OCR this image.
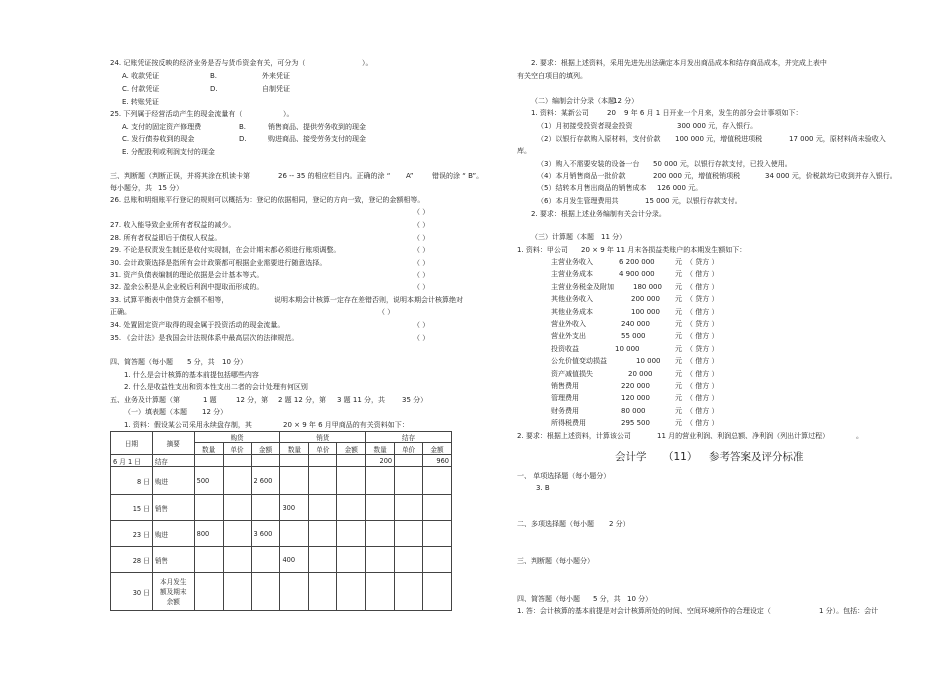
24. 记账凭证按反映的经济业务是否与货币资金有关，可分为（	）。
A. 收款凭证	B.	外来凭证
C. 付款凭证	D.	自制凭证
E. 转账凭证
25. 下列属于经营活动产生的现金流量有（	）。
A. 支付的固定资产修理费	B.	销售商品、提供劳务收到的现金
C. 发行债券收到的现金	D.	购进商品、接受劳务支付的现金
E. 分配股利或利润支付的现金
三、判断题（判断正误，并将其涂在机读卡第	26 -- 35 的相应栏目内。正确的涂 “ A”	错误的涂 “ B”。
每小题分，共 15 分）
26. 总账和明细账平行登记的规则可以概括为：登记的依据相同，登记的方向一致，登记的金额相等。
（ ）
27. 收入能导致企业所有者权益的减少。	（ ）
28. 所有者权益即后于债权人权益。	（ ）
29. 不论是权责发生制还是收付实现制，在会计期末都必须进行账项调整。	（ ）
30. 会计政策选择是指所有会计政策都可根据企业需要进行随意选择。	（ ）
31. 资产负债表编制的理论依据是会计基本等式。	（ ）
32. 盈余公积是从企业税后利润中提取而形成的。	（ ）
34. 处置固定资产取得的现金属于投资活动的现金流量。	（ ）
35. 《会计法》是我国会计法规体系中最高层次的法律规范。	（ ）
33. 试算平衡表中借贷方金额不相等，	说明本期会计核算一定存在差错；
否则，说明本期会计核算绝对
正确。	（ ）
四、简答题（每小题 5 分，共 10 分）
1. 什么是会计核算的基本前提包括哪些内容
2. 什么是收益性支出和资本性支出二者的会计处理有何区别
五、业务及计算题（第	1 题	12 分，第 2 题 12 分，第 3 题 11 分，共 35 分）
（一）填表题（本题 12 分）
1. 资料：假设某公司采用永续盘存制，其	20 × 9 年 6 月甲商品的有关资料如下：
日期	摘要	购货			销货			结存		
		数量	单价	金额	数量	单价	金额	数量	单价	金额
6 月 1 日	结存							200		960
8 日	购进	500		2 600						
15 日	销售				300					
23 日	购进	800		3 600						
28 日	销售				400					
30 日	本月发生
额及期末
余额									

2. 要求：根据上述资料，采用先进先出法确定本月发出商品成本和结存商品成本，并完成上表中
有关空白项目的填列。
（二）编制会计分录（本题
12 分）
1. 资料：某新公司	20 9 年 6 月 1 日开业一个月来，发生的部分会计事项如下：
（1）月初接受投资者现金投资	300 000 元，存入银行。
（2）以银行存款购入原材料，支付价款 100 000 元，增值税进项税	17 000 元，原材料尚未验收入
库。
（3）购入不需要安装的设备一台 50 000 元，以银行存款支付，已投入使用。
（4）本月销售商品一批价款	200 000 元，增值税销项税	34 000 元，价税款均已收到并存入银行。
（5）结转本月售出商品的销售成本 126 000 元。
（6）本月发生管理费用共	15 000 元，以银行存款支付。
2. 要求：根据上述业务编制有关会计分录。
（三）计算题（本题 11 分）
1. 资料：甲公司 20 × 9 年 11 月末各损益类账户的本期发生额如下：
主营业务收入	6 200 000	元 （ 贷方 ）
主营业务成本	4 900 000	元 （ 借方 ）
主营业务税金及附加	180 000 元 （ 借方 ）
其他业务收入	200 000 元 （ 贷方 ）
其他业务成本	100 000 元 （ 借方 ）
营业外收入	240 000	元 （ 贷方 ）
营业外支出	55 000	元 （ 借方 ）
投资收益	10 000	元 （ 贷方 ）
公允价值变动损益	10 000 元 （ 借方 ）
资产减值损失	20 000	元 （ 借方 ）
销售费用	220 000	元 （ 借方 ）
管理费用	120 000	元 （ 借方 ）
财务费用	80 000	元 （ 借方 ）
所得税费用	295 500	元 （ 借方 ）
2. 要求：根据上述资料，计算该公司	11 月的营业利润、利润总额、净利润（列出计算过程）	。
会计学 （11） 参考答案及评分标准
一、 单项选择题（每小题分）
3. B
二、多项选择题（每小题 2 分）
三、判断题（每小题分）
四、简答题（每小题 5 分，共 10 分）
1. 答：会计核算的基本前提是对会计核算所处的时间、空间环境所作的合理设定（	1 分）。包括：会计
